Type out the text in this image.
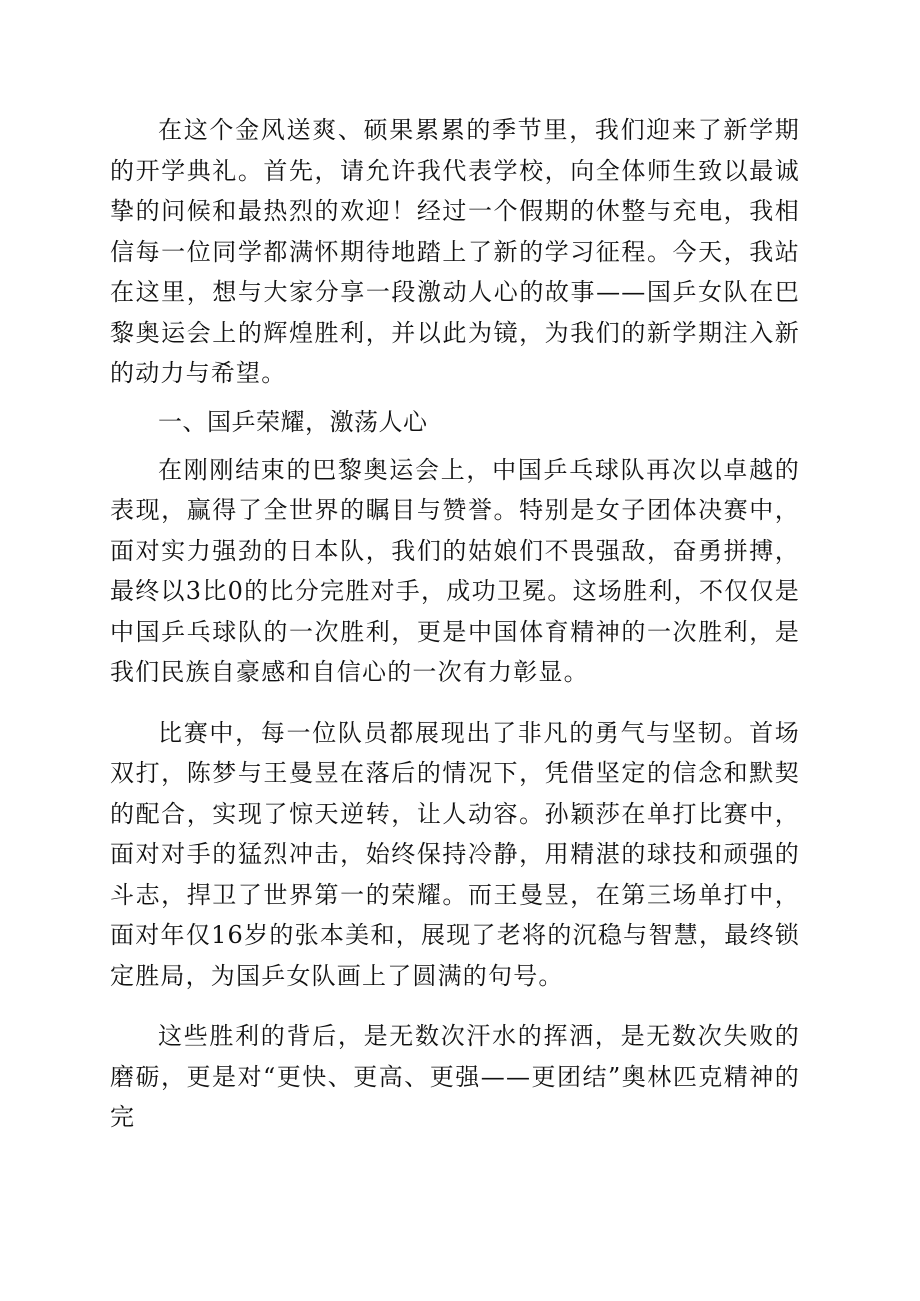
在这个金风送爽、硕果累累的季节里，我们迎来了新学期的开学典礼。首先，请允许我代表学校，向全体师生致以最诚挚的问候和最热烈的欢迎！经过一个假期的休整与充电，我相信每一位同学都满怀期待地踏上了新的学习征程。今天，我站在这里，想与大家分享一段激动人心的故事——国乒女队在巴黎奥运会上的辉煌胜利，并以此为镜，为我们的新学期注入新的动力与希望。

一、国乒荣耀，激荡人心

在刚刚结束的巴黎奥运会上，中国乒乓球队再次以卓越的表现，赢得了全世界的瞩目与赞誉。特别是女子团体决赛中，面对实力强劲的日本队，我们的姑娘们不畏强敌，奋勇拼搏，最终以3比0的比分完胜对手，成功卫冕。这场胜利，不仅仅是中国乒乓球队的一次胜利，更是中国体育精神的一次胜利，是我们民族自豪感和自信心的一次有力彰显。

比赛中，每一位队员都展现出了非凡的勇气与坚韧。首场双打，陈梦与王曼昱在落后的情况下，凭借坚定的信念和默契的配合，实现了惊天逆转，让人动容。孙颖莎在单打比赛中，面对对手的猛烈冲击，始终保持冷静，用精湛的球技和顽强的斗志，捍卫了世界第一的荣耀。而王曼昱，在第三场单打中，面对年仅16岁的张本美和，展现了老将的沉稳与智慧，最终锁定胜局，为国乒女队画上了圆满的句号。

这些胜利的背后，是无数次汗水的挥洒，是无数次失败的磨砺，更是对“更快、更高、更强——更团结”奥林匹克精神的完
